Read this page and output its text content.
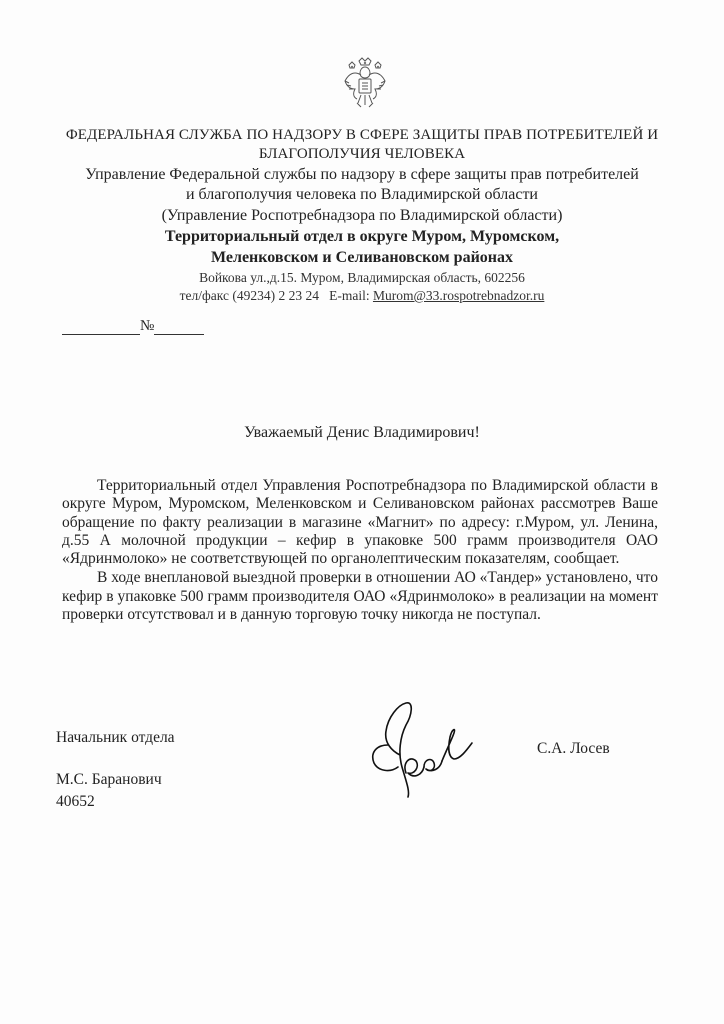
ФЕДЕРАЛЬНАЯ СЛУЖБА ПО НАДЗОРУ В СФЕРЕ ЗАЩИТЫ ПРАВ ПОТРЕБИТЕЛЕЙ И
БЛАГОПОЛУЧИЯ ЧЕЛОВЕКА
Управление Федеральной службы по надзору в сфере защиты прав потребителей
и благополучия человека по Владимирской области
(Управление Роспотребнадзора по Владимирской области)
Территориальный отдел в округе Муром, Муромском,
Меленковском и Селивановском районах
Войкова ул.,д.15. Муром, Владимирская область, 602256
тел/факс (49234) 2 23 24 E-mail: Murom@33.rospotrebnadzor.ru
№
Уважаемый Денис Владимирович!

Территориальный отдел Управления Роспотребнадзора по Владимирской области в округе Муром, Муромском, Меленковском и Селивановском районах рассмотрев Ваше обращение по факту реализации в магазине «Магнит» по адресу: г.Муром, ул. Ленина, д.55 А молочной продукции – кефир в упаковке 500 грамм производителя ОАО «Ядринмолоко» не соответствующей по органолептическим показателям, сообщает.

В ходе внеплановой выездной проверки в отношении АО «Тандер» установлено, что кефир в упаковке 500 грамм производителя ОАО «Ядринмолоко» в реализации на момент проверки отсутствовал и в данную торговую точку никогда не поступал.

Начальник отдела
С.А. Лосев
М.С. Баранович
40652
